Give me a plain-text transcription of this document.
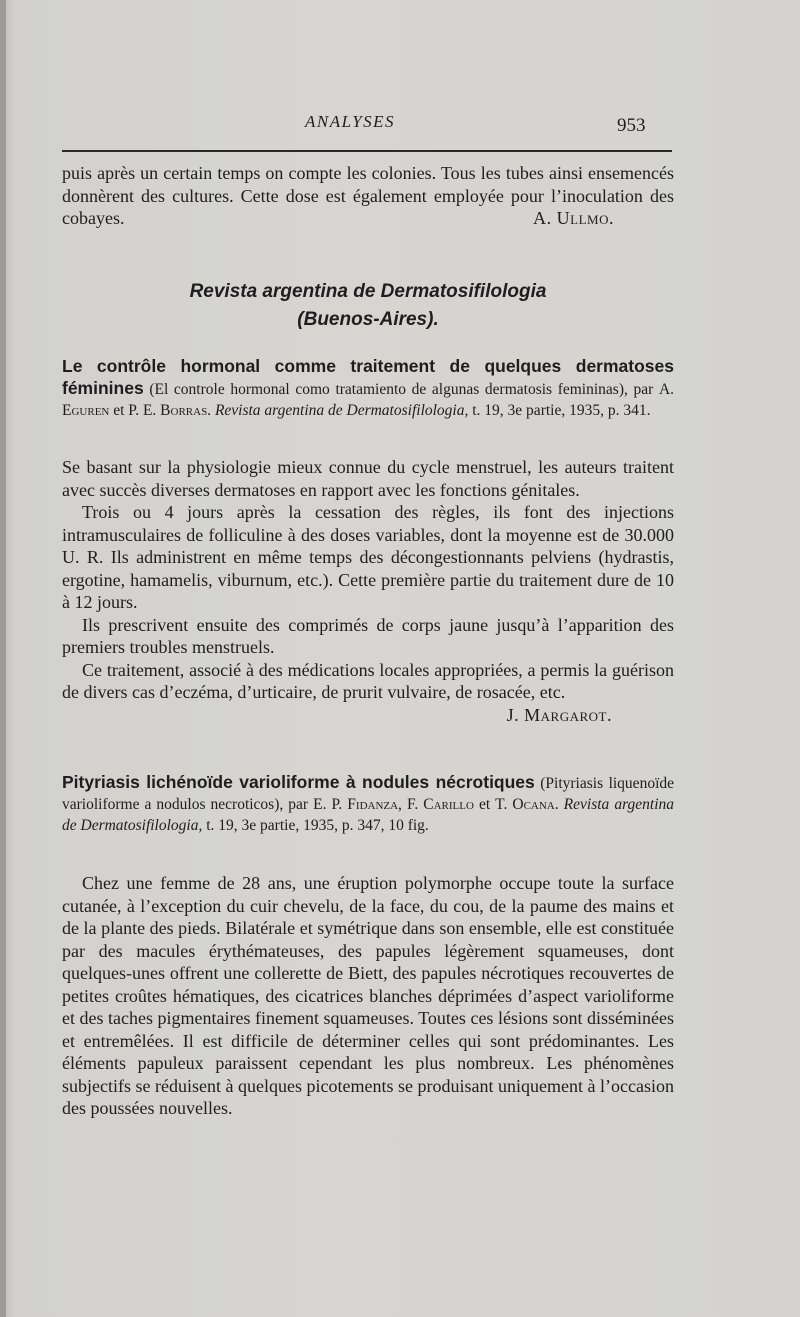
ANALYSES	953

puis après un certain temps on compte les colonies. Tous les tubes ainsi ensemencés donnèrent des cultures. Cette dose est également employée pour l’inoculation des cobayes.	A. Ullmo.

Revista argentina de Dermatosifilologia
(Buenos-Aires).

Le contrôle hormonal comme traitement de quelques dermatoses féminines (El controle hormonal como tratamiento de algunas dermatosis femininas), par A. Eguren et P. E. Borras. Revista argentina de Dermatosifilologia, t. 19, 3e partie, 1935, p. 341.

Se basant sur la physiologie mieux connue du cycle menstruel, les auteurs traitent avec succès diverses dermatoses en rapport avec les fonctions génitales.

Trois ou 4 jours après la cessation des règles, ils font des injections intramusculaires de folliculine à des doses variables, dont la moyenne est de 30.000 U. R. Ils administrent en même temps des décongestionnants pelviens (hydrastis, ergotine, hamamelis, viburnum, etc.). Cette première partie du traitement dure de 10 à 12 jours.

Ils prescrivent ensuite des comprimés de corps jaune jusqu’à l’apparition des premiers troubles menstruels.

Ce traitement, associé à des médications locales appropriées, a permis la guérison de divers cas d’eczéma, d’urticaire, de prurit vulvaire, de rosacée, etc.

J. Margarot.

Pityriasis lichénoïde varioliforme à nodules nécrotiques (Pityriasis liquenoïde varioliforme a nodulos necroticos), par E. P. Fidanza, F. Carillo et T. Ocana. Revista argentina de Dermatosifilologia, t. 19, 3e partie, 1935, p. 347, 10 fig.

Chez une femme de 28 ans, une éruption polymorphe occupe toute la surface cutanée, à l’exception du cuir chevelu, de la face, du cou, de la paume des mains et de la plante des pieds. Bilatérale et symétrique dans son ensemble, elle est constituée par des macules érythémateuses, des papules légèrement squameuses, dont quelques-unes offrent une collerette de Biett, des papules nécrotiques recouvertes de petites croûtes hématiques, des cicatrices blanches déprimées d’aspect varioliforme et des taches pigmentaires finement squameuses. Toutes ces lésions sont disséminées et entremêlées. Il est difficile de déterminer celles qui sont prédominantes. Les éléments papuleux paraissent cependant les plus nombreux. Les phénomènes subjectifs se réduisent à quelques picotements se produisant uniquement à l’occasion des poussées nouvelles.
